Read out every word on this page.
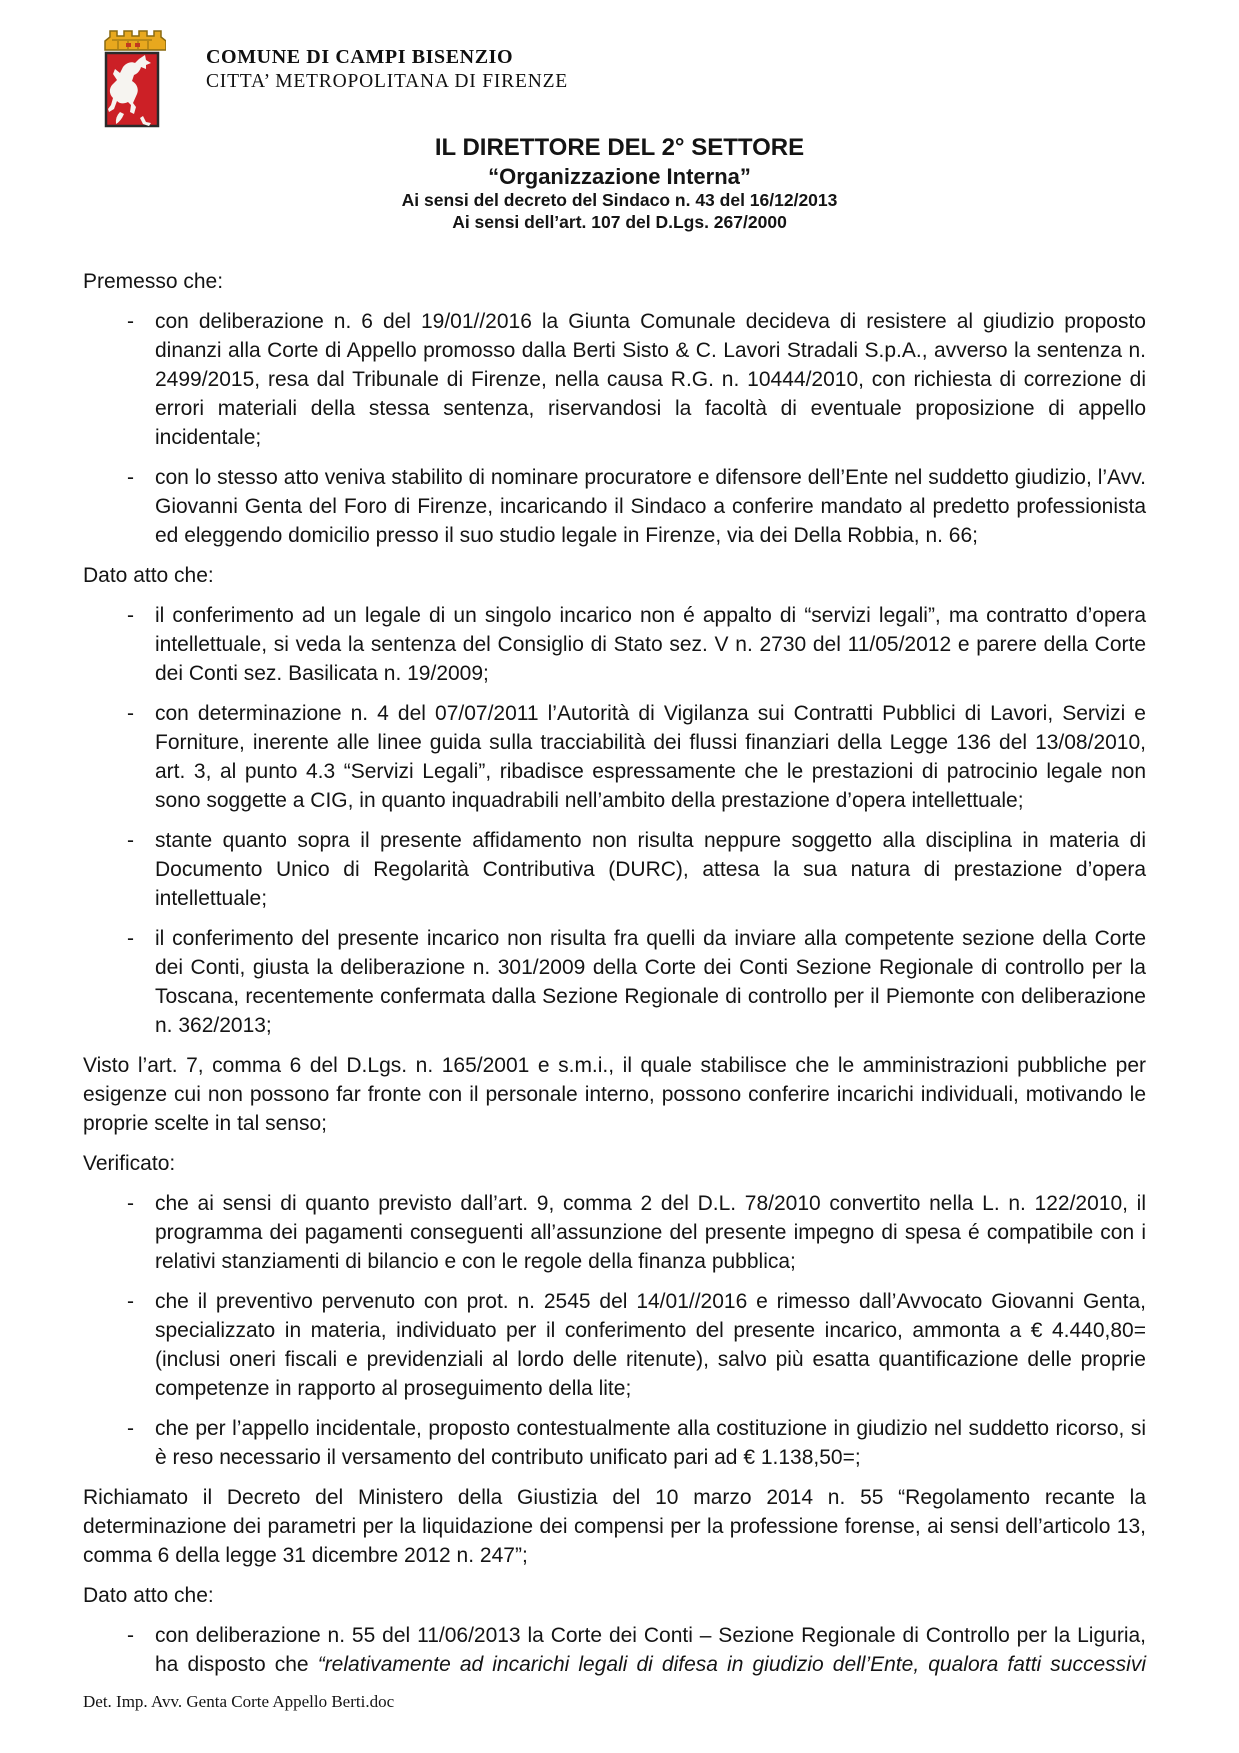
COMUNE DI CAMPI BISENZIO
CITTA’ METROPOLITANA DI FIRENZE
IL DIRETTORE DEL 2° SETTORE
“Organizzazione Interna”
Ai sensi del decreto del Sindaco n. 43 del 16/12/2013
Ai sensi dell’art. 107 del D.Lgs. 267/2000

Premesso che:

- con deliberazione n. 6 del 19/01//2016 la Giunta Comunale decideva di resistere al giudizio proposto dinanzi alla Corte di Appello promosso dalla Berti Sisto & C. Lavori Stradali S.p.A., avverso la sentenza n. 2499/2015, resa dal Tribunale di Firenze, nella causa R.G. n. 10444/2010, con richiesta di correzione di errori materiali della stessa sentenza, riservandosi la facoltà di eventuale proposizione di appello incidentale;
- con lo stesso atto veniva stabilito di nominare procuratore e difensore dell’Ente nel suddetto giudizio, l’Avv. Giovanni Genta del Foro di Firenze, incaricando il Sindaco a conferire mandato al predetto professionista ed eleggendo domicilio presso il suo studio legale in Firenze, via dei Della Robbia, n. 66;

Dato atto che:

- il conferimento ad un legale di un singolo incarico non é appalto di “servizi legali”, ma contratto d’opera intellettuale, si veda la sentenza del Consiglio di Stato sez. V n. 2730 del 11/05/2012 e parere della Corte dei Conti sez. Basilicata n. 19/2009;
- con determinazione n. 4 del 07/07/2011 l’Autorità di Vigilanza sui Contratti Pubblici di Lavori, Servizi e Forniture, inerente alle linee guida sulla tracciabilità dei flussi finanziari della Legge 136 del 13/08/2010, art. 3, al punto 4.3 “Servizi Legali”, ribadisce espressamente che le prestazioni di patrocinio legale non sono soggette a CIG, in quanto inquadrabili nell’ambito della prestazione d’opera intellettuale;
- stante quanto sopra il presente affidamento non risulta neppure soggetto alla disciplina in materia di Documento Unico di Regolarità Contributiva (DURC), attesa la sua natura di prestazione d’opera intellettuale;
- il conferimento del presente incarico non risulta fra quelli da inviare alla competente sezione della Corte dei Conti, giusta la deliberazione n. 301/2009 della Corte dei Conti Sezione Regionale di controllo per la Toscana, recentemente confermata dalla Sezione Regionale di controllo per il Piemonte con deliberazione n. 362/2013;

Visto l’art. 7, comma 6 del D.Lgs. n. 165/2001 e s.m.i., il quale stabilisce che le amministrazioni pubbliche per esigenze cui non possono far fronte con il personale interno, possono conferire incarichi individuali, motivando le proprie scelte in tal senso;

Verificato:

- che ai sensi di quanto previsto dall’art. 9, comma 2 del D.L. 78/2010 convertito nella L. n. 122/2010, il programma dei pagamenti conseguenti all’assunzione del presente impegno di spesa é compatibile con i relativi stanziamenti di bilancio e con le regole della finanza pubblica;
- che il preventivo pervenuto con prot. n. 2545 del 14/01//2016 e rimesso dall’Avvocato Giovanni Genta, specializzato in materia, individuato per il conferimento del presente incarico, ammonta a € 4.440,80= (inclusi oneri fiscali e previdenziali al lordo delle ritenute), salvo più esatta quantificazione delle proprie competenze in rapporto al proseguimento della lite;
- che per l’appello incidentale, proposto contestualmente alla costituzione in giudizio nel suddetto ricorso, si è reso necessario il versamento del contributo unificato pari ad € 1.138,50=;

Richiamato il Decreto del Ministero della Giustizia del 10 marzo 2014 n. 55 “Regolamento recante la determinazione dei parametri per la liquidazione dei compensi per la professione forense, ai sensi dell’articolo 13, comma 6 della legge 31 dicembre 2012 n. 247”;

Dato atto che:

- con deliberazione n. 55 del 11/06/2013 la Corte dei Conti – Sezione Regionale di Controllo per la Liguria, ha disposto che “relativamente ad incarichi legali di difesa in giudizio dell’Ente, qualora fatti successivi
Det. Imp. Avv. Genta Corte Appello Berti.doc
